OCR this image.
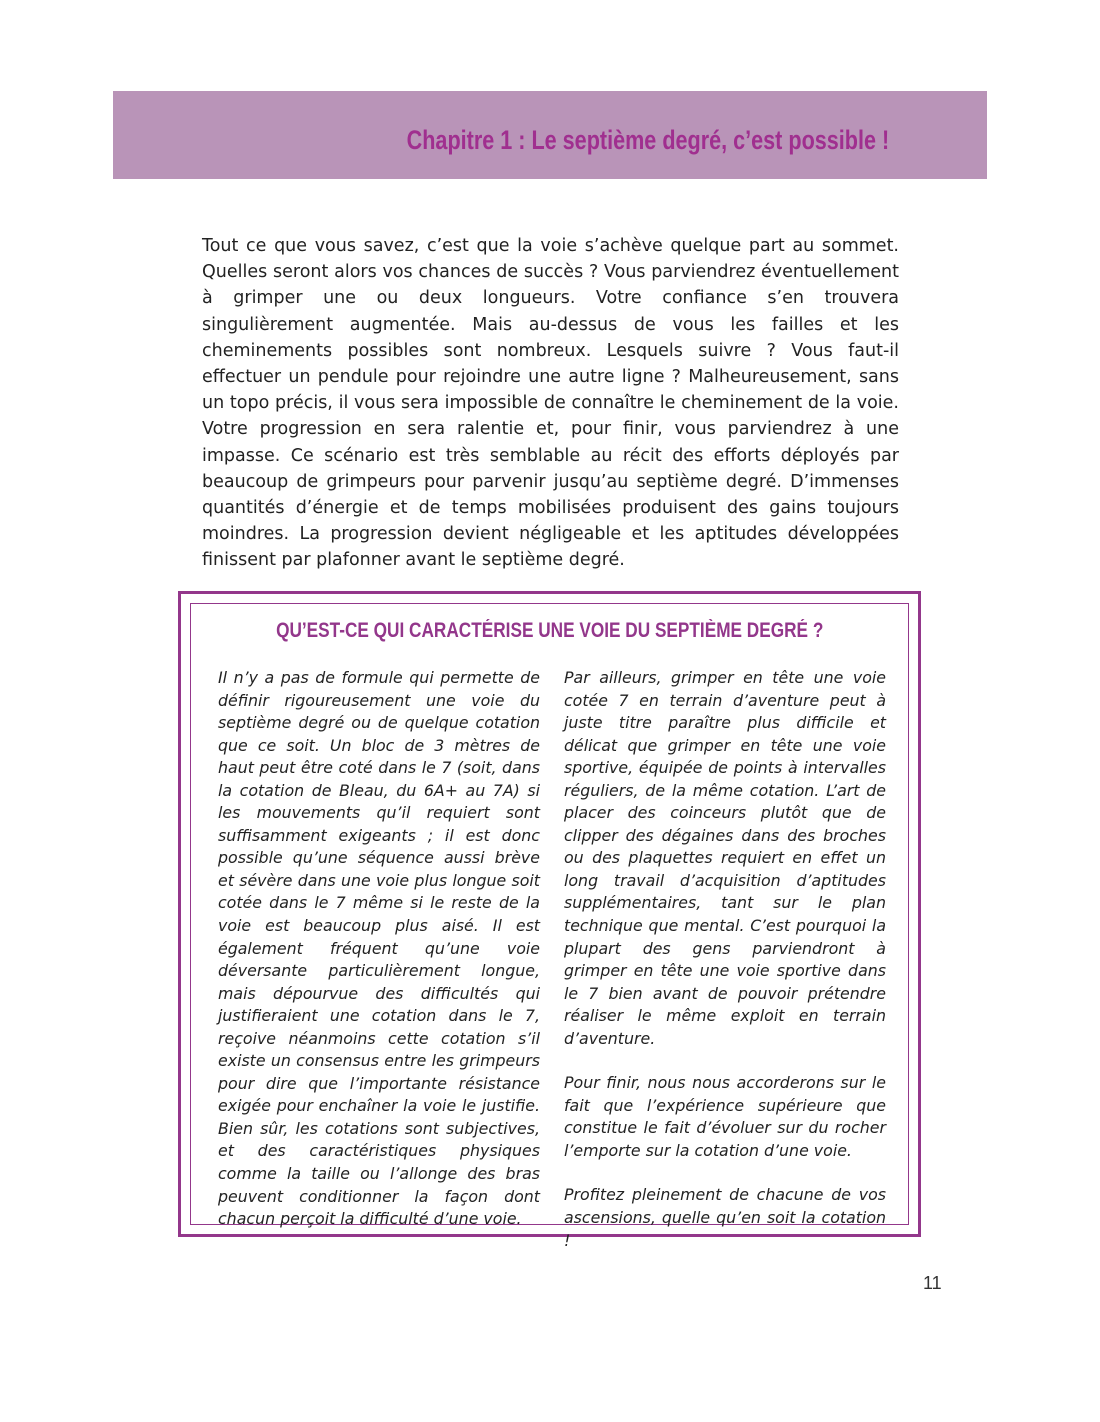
Chapitre 1 : Le septième degré, c’est possible !

Tout ce que vous savez, c’est que la voie s’achève quelque part au sommet. Quelles seront alors vos chances de succès ? Vous parviendrez éventuellement à grimper une ou deux longueurs. Votre confiance s’en trouvera singulièrement augmentée. Mais au-dessus de vous les failles et les cheminements possibles sont nombreux. Lesquels suivre ? Vous faut-il effectuer un pendule pour rejoindre une autre ligne ? Malheureusement, sans un topo précis, il vous sera impossible de connaître le cheminement de la voie. Votre progression en sera ralentie et, pour finir, vous parviendrez à une impasse. Ce scénario est très semblable au récit des efforts déployés par beaucoup de grimpeurs pour parvenir jusqu’au septième degré. D’immenses quantités d’énergie et de temps mobilisées produisent des gains toujours moindres. La progression devient négligeable et les aptitudes développées finissent par plafonner avant le septième degré.

QU’EST-CE QUI CARACTÉRISE UNE VOIE DU SEPTIÈME DEGRÉ ?

Il n’y a pas de formule qui permette de définir rigoureusement une voie du septième degré ou de quelque cotation que ce soit. Un bloc de 3 mètres de haut peut être coté dans le 7 (soit, dans la cotation de Bleau, du 6A+ au 7A) si les mouvements qu’il requiert sont suffisamment exigeants ; il est donc possible qu’une séquence aussi brève et sévère dans une voie plus longue soit cotée dans le 7 même si le reste de la voie est beaucoup plus aisé. Il est également fréquent qu’une voie déversante particulièrement longue, mais dépourvue des difficultés qui justifieraient une cotation dans le 7, reçoive néanmoins cette cotation s’il existe un consensus entre les grimpeurs pour dire que l’importante résistance exigée pour enchaîner la voie le justifie. Bien sûr, les cotations sont subjectives, et des caractéristiques physiques comme la taille ou l’allonge des bras peuvent conditionner la façon dont chacun perçoit la difficulté d’une voie.

Par ailleurs, grimper en tête une voie cotée 7 en terrain d’aventure peut à juste titre paraître plus difficile et délicat que grimper en tête une voie sportive, équipée de points à intervalles réguliers, de la même cotation. L’art de placer des coinceurs plutôt que de clipper des dégaines dans des broches ou des plaquettes requiert en effet un long travail d’acquisition d’aptitudes supplémentaires, tant sur le plan technique que mental. C’est pourquoi la plupart des gens parviendront à grimper en tête une voie sportive dans le 7 bien avant de pouvoir prétendre réaliser le même exploit en terrain d’aventure.

Pour finir, nous nous accorderons sur le fait que l’expérience supérieure que constitue le fait d’évoluer sur du rocher l’emporte sur la cotation d’une voie.

Profitez pleinement de chacune de vos ascensions, quelle qu’en soit la cotation !

11
